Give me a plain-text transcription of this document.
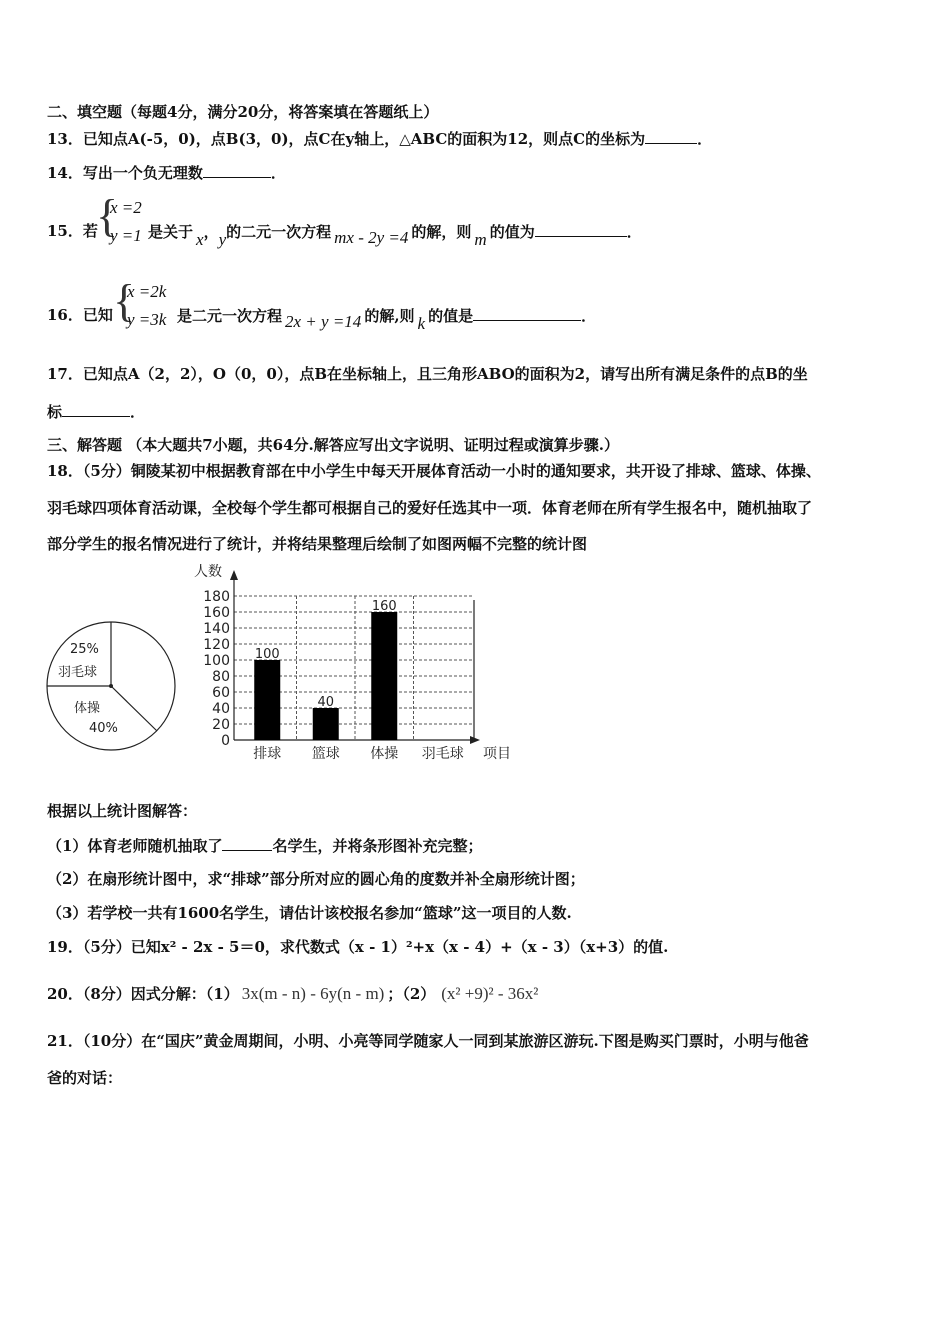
二、填空题（每题4分，满分20分，将答案填在答题纸上）
13．已知点A(-5，0)，点B(3，0)，点C在y轴上，△ABC的面积为12，则点C的坐标为	．
14．写出一个负无理数	．
15．若
{
x =2
y =1 是关于 x，y的二元一次方程 mx - 2y =4 的解，则 m 的值为	．
16．已知 {
x =2k
y =3k 是二元一次方程 2x + y =14 的解,则 k 的值是	．
17．已知点A（2，2），O（0，0），点B在坐标轴上，且三角形ABO的面积为2，请写出所有满足条件的点B的坐
标	．
三、解答题 （本大题共7小题，共64分.解答应写出文字说明、证明过程或演算步骤.）
18．（5分）铜陵某初中根据教育部在中小学生中每天开展体育活动一小时的通知要求，共开设了排球、篮球、体操、
羽毛球四项体育活动课，全校每个学生都可根据自己的爱好任选其中一项．体育老师在所有学生报名中，随机抽取了
部分学生的报名情况进行了统计，并将结果整理后绘制了如图两幅不完整的统计图
25%
羽毛球
体操
40%
0
20
40
60
80
100
120
140
160
180
人数
项目
100
排球
40
篮球
160
体操 羽毛球
根据以上统计图解答：
（1）体育老师随机抽取了	名学生，并将条形图补充完整；
（2）在扇形统计图中，求“排球”部分所对应的圆心角的度数并补全扇形统计图；
（3）若学校一共有1600名学生，请估计该校报名参加“篮球”这一项目的人数.
19．（5分）已知x² - 2x - 5＝0，求代数式（x - 1）²+x（x - 4）+（x - 3）（x+3）的值.
20．（8分）因式分解：（1） 3x(m - n) - 6y(n - m) ；（2） (x² +9)² - 36x²
21．（10分）在“国庆”黄金周期间，小明、小亮等同学随家人一同到某旅游区游玩.下图是购买门票时，小明与他爸
爸的对话：
